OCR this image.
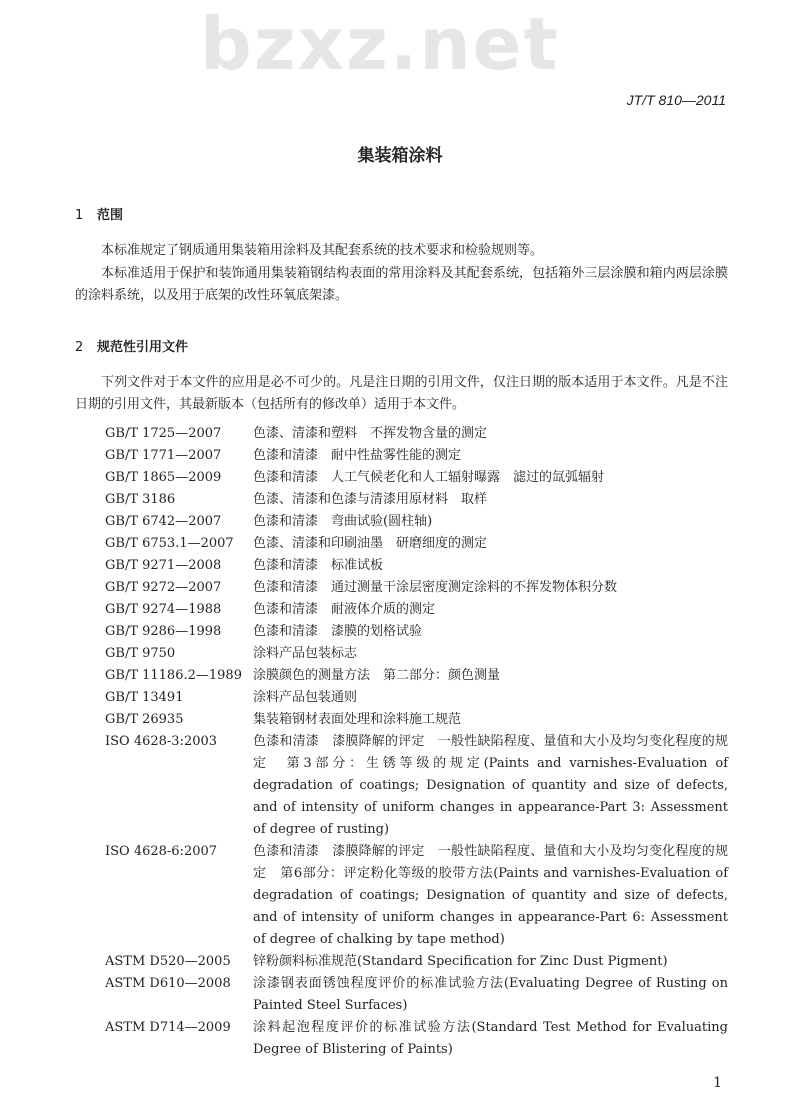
bzxz.net
JT/T 810—2011
集装箱涂料
1 范围
本标准规定了钢质通用集装箱用涂料及其配套系统的技术要求和检验规则等。
本标准适用于保护和装饰通用集装箱钢结构表面的常用涂料及其配套系统，包括箱外三层涂膜和箱内两层涂膜的涂料系统，以及用于底架的改性环氧底架漆。
2 规范性引用文件
下列文件对于本文件的应用是必不可少的。凡是注日期的引用文件，仅注日期的版本适用于本文件。凡是不注日期的引用文件，其最新版本（包括所有的修改单）适用于本文件。
GB/T 1725—2007	色漆、清漆和塑料　不挥发物含量的测定
GB/T 1771—2007	色漆和清漆　耐中性盐雾性能的测定
GB/T 1865—2009	色漆和清漆　人工气候老化和人工辐射曝露　滤过的氙弧辐射
GB/T 3186	色漆、清漆和色漆与清漆用原材料　取样
GB/T 6742—2007	色漆和清漆　弯曲试验(圆柱轴)
GB/T 6753.1—2007	色漆、清漆和印刷油墨　研磨细度的测定
GB/T 9271—2008	色漆和清漆　标准试板
GB/T 9272—2007	色漆和清漆　通过测量干涂层密度测定涂料的不挥发物体积分数
GB/T 9274—1988	色漆和清漆　耐液体介质的测定
GB/T 9286—1998	色漆和清漆　漆膜的划格试验
GB/T 9750	涂料产品包装标志
GB/T 11186.2—1989 涂膜颜色的测量方法　第二部分：颜色测量
GB/T 13491	涂料产品包装通则
GB/T 26935	集装箱钢材表面处理和涂料施工规范
ISO 4628-3:2003	色漆和清漆　漆膜降解的评定　一般性缺陷程度、量值和大小及均匀变化程度的规定　第3部分：生锈等级的规定(Paints and varnishes-Evaluation of degradation of coatings; Designation of quantity and size of defects, and of intensity of uniform changes in appearance-Part 3: Assessment of degree of rusting)
ISO 4628-6:2007	色漆和清漆　漆膜降解的评定　一般性缺陷程度、量值和大小及均匀变化程度的规定　第6部分：评定粉化等级的胶带方法(Paints and varnishes-Evaluation of degradation of coatings; Designation of quantity and size of defects, and of intensity of uniform changes in appearance-Part 6: Assessment of degree of chalking by tape method)
ASTM D520—2005	锌粉颜料标准规范(Standard Specification for Zinc Dust Pigment)
ASTM D610—2008	涂漆钢表面锈蚀程度评价的标准试验方法(Evaluating Degree of Rusting on Painted Steel Surfaces)
ASTM D714—2009	涂料起泡程度评价的标准试验方法(Standard Test Method for Evaluating Degree of Blistering of Paints)
1
